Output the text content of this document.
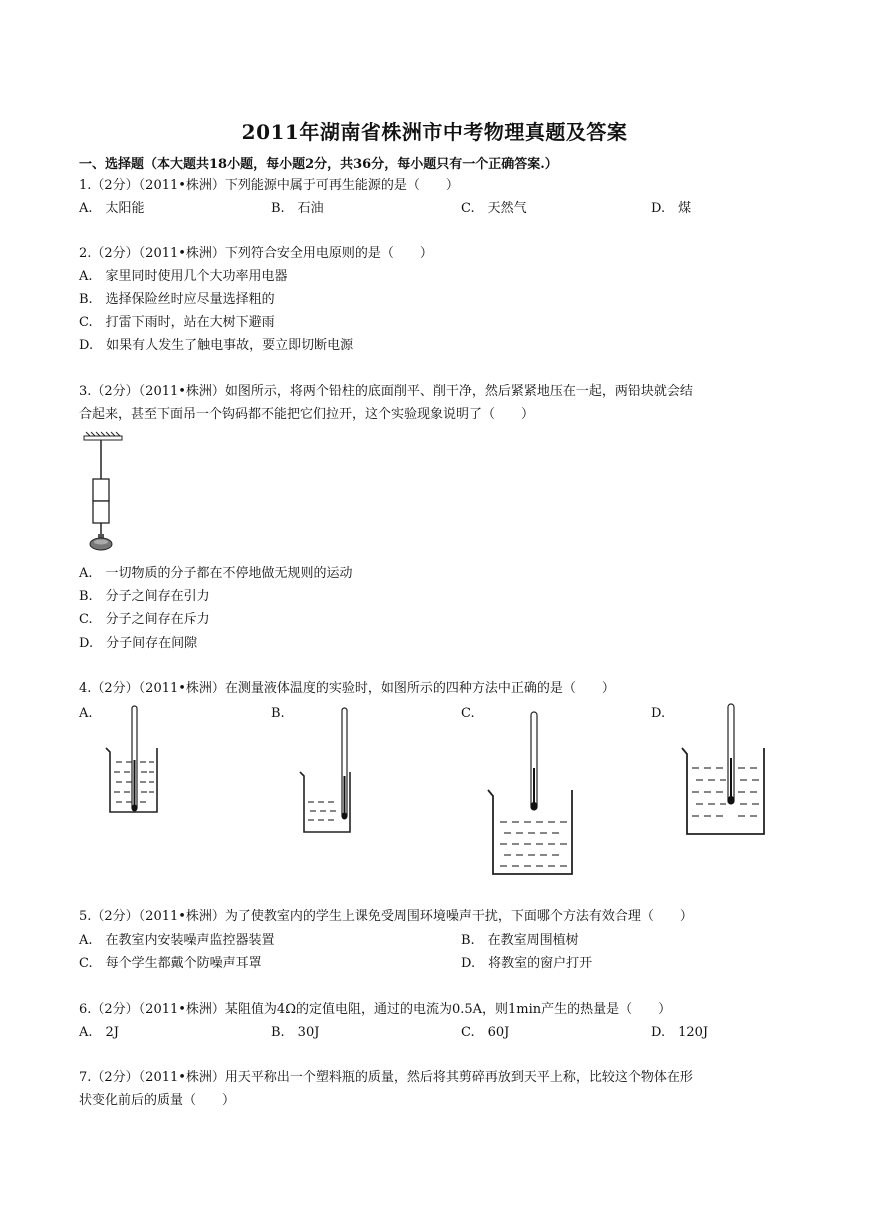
2011年湖南省株洲市中考物理真题及答案
一、选择题（本大题共18小题，每小题2分，共36分，每小题只有一个正确答案.）
1.（2分）（2011•株洲）下列能源中属于可再生能源的是（　　）
A.　太阳能	B.　石油	C.　天然气	D.　煤
2.（2分）（2011•株洲）下列符合安全用电原则的是（　　）
A.　家里同时使用几个大功率用电器
B.　选择保险丝时应尽量选择粗的
C.　打雷下雨时，站在大树下避雨
D.　如果有人发生了触电事故，要立即切断电源
3.（2分）（2011•株洲）如图所示，将两个铅柱的底面削平、削干净，然后紧紧地压在一起，两铅块就会结
合起来，甚至下面吊一个钩码都不能把它们拉开，这个实验现象说明了（　　）
A.　一切物质的分子都在不停地做无规则的运动
B.　分子之间存在引力
C.　分子之间存在斥力
D.　分子间存在间隙
4.（2分）（2011•株洲）在测量液体温度的实验时，如图所示的四种方法中正确的是（　　）
A.	B.	C.	D.
5.（2分）（2011•株洲）为了使教室内的学生上课免受周围环境噪声干扰，下面哪个方法有效合理（　　）
A.　在教室内安装噪声监控器装置	B.　在教室周围植树
C.　每个学生都戴个防噪声耳罩	D.　将教室的窗户打开
6.（2分）（2011•株洲）某阻值为4Ω的定值电阻，通过的电流为0.5A，则1min产生的热量是（　　）
A.　2J	B.　30J	C.　60J	D.　120J
7.（2分）（2011•株洲）用天平称出一个塑料瓶的质量，然后将其剪碎再放到天平上称，比较这个物体在形
状变化前后的质量（　　）
